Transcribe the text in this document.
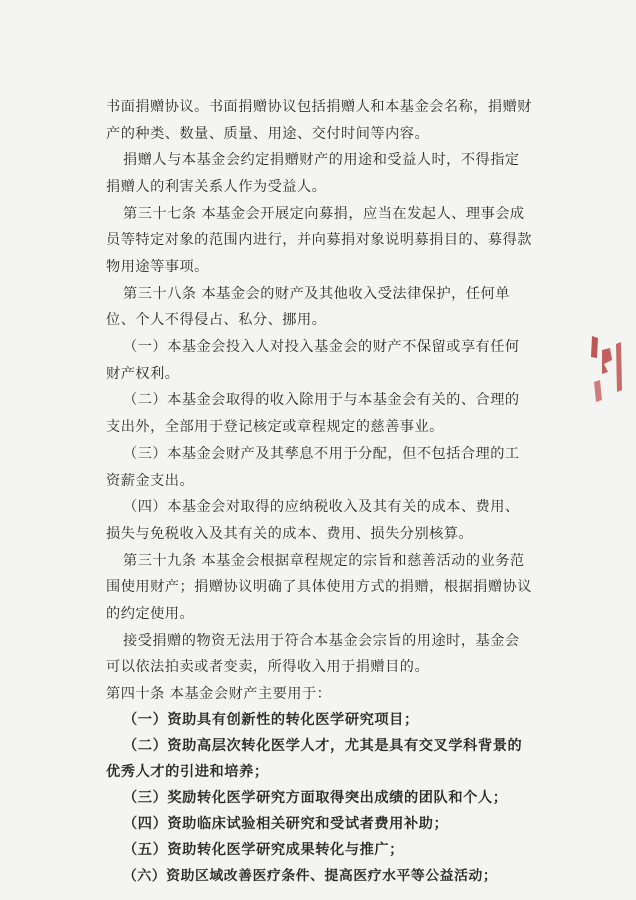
书面捐赠协议。书面捐赠协议包括捐赠人和本基金会名称，捐赠财
产的种类、数量、质量、用途、交付时间等内容。
捐赠人与本基金会约定捐赠财产的用途和受益人时，不得指定
捐赠人的利害关系人作为受益人。
第三十七条 本基金会开展定向募捐，应当在发起人、理事会成
员等特定对象的范围内进行，并向募捐对象说明募捐目的、募得款
物用途等事项。
第三十八条 本基金会的财产及其他收入受法律保护，任何单
位、个人不得侵占、私分、挪用。
（一）本基金会投入人对投入基金会的财产不保留或享有任何
财产权利。
（二）本基金会取得的收入除用于与本基金会有关的、合理的
支出外，全部用于登记核定或章程规定的慈善事业。
（三）本基金会财产及其孳息不用于分配，但不包括合理的工
资薪金支出。
（四）本基金会对取得的应纳税收入及其有关的成本、费用、
损失与免税收入及其有关的成本、费用、损失分别核算。
第三十九条 本基金会根据章程规定的宗旨和慈善活动的业务范
围使用财产；捐赠协议明确了具体使用方式的捐赠，根据捐赠协议
的约定使用。
接受捐赠的物资无法用于符合本基金会宗旨的用途时，基金会
可以依法拍卖或者变卖，所得收入用于捐赠目的。
第四十条 本基金会财产主要用于：
（一）资助具有创新性的转化医学研究项目；
（二）资助高层次转化医学人才，尤其是具有交叉学科背景的
优秀人才的引进和培养；
（三）奖励转化医学研究方面取得突出成绩的团队和个人；
（四）资助临床试验相关研究和受试者费用补助；
（五）资助转化医学研究成果转化与推广；
（六）资助区域改善医疗条件、提高医疗水平等公益活动；
